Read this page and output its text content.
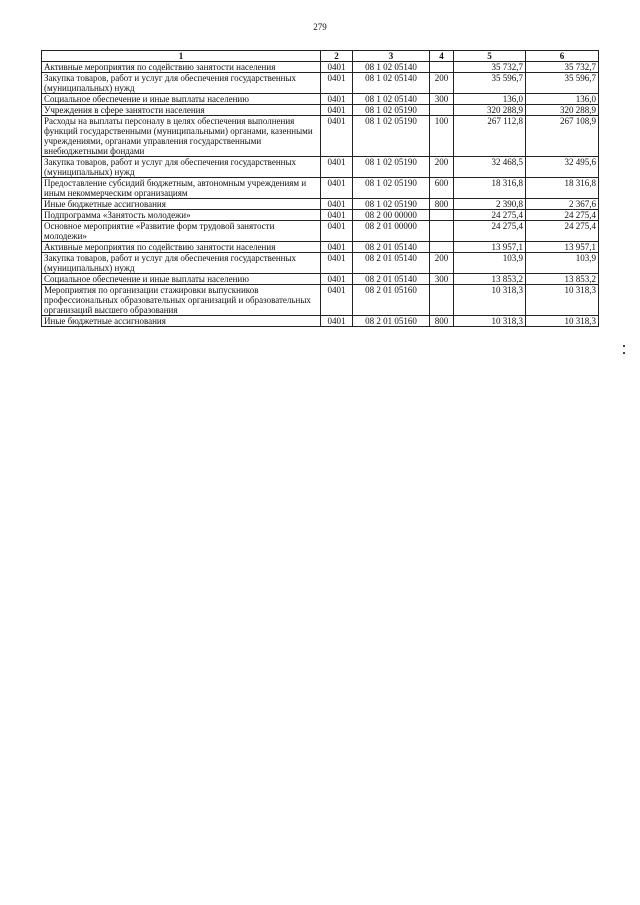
279
1	2	3	4	5	6
Активные мероприятия по содействию занятости населения	0401	08 1 02 05140		35 732,7	35 732,7
Закупка товаров, работ и услуг для обеспечения государственных (муниципальных) нужд	0401	08 1 02 05140	200	35 596,7	35 596,7
Социальное обеспечение и иные выплаты населению	0401	08 1 02 05140	300	136,0	136,0
Учреждения в сфере занятости населения	0401	08 1 02 05190		320 288,9	320 288,9
Расходы на выплаты персоналу в целях обеспечения выполнения функций государственными (муниципальными) органами, казенными учреждениями, органами управления государственными внебюджетными фондами	0401	08 1 02 05190	100	267 112,8	267 108,9
Закупка товаров, работ и услуг для обеспечения государственных (муниципальных) нужд	0401	08 1 02 05190	200	32 468,5	32 495,6
Предоставление субсидий бюджетным, автономным учреждениям и иным некоммерческим организациям	0401	08 1 02 05190	600	18 316,8	18 316,8
Иные бюджетные ассигнования	0401	08 1 02 05190	800	2 390,8	2 367,6
Подпрограмма «Занятость молодежи»	0401	08 2 00 00000		24 275,4	24 275,4
Основное мероприятие «Развитие форм трудовой занятости молодежи»	0401	08 2 01 00000		24 275,4	24 275,4
Активные мероприятия по содействию занятости населения	0401	08 2 01 05140		13 957,1	13 957,1
Закупка товаров, работ и услуг для обеспечения государственных (муниципальных) нужд	0401	08 2 01 05140	200	103,9	103,9
Социальное обеспечение и иные выплаты населению	0401	08 2 01 05140	300	13 853,2	13 853,2
Мероприятия по организации стажировки выпускников профессиональных образовательных организаций и образовательных организаций высшего образования	0401	08 2 01 05160		10 318,3	10 318,3
Иные бюджетные ассигнования	0401	08 2 01 05160	800	10 318,3	10 318,3
